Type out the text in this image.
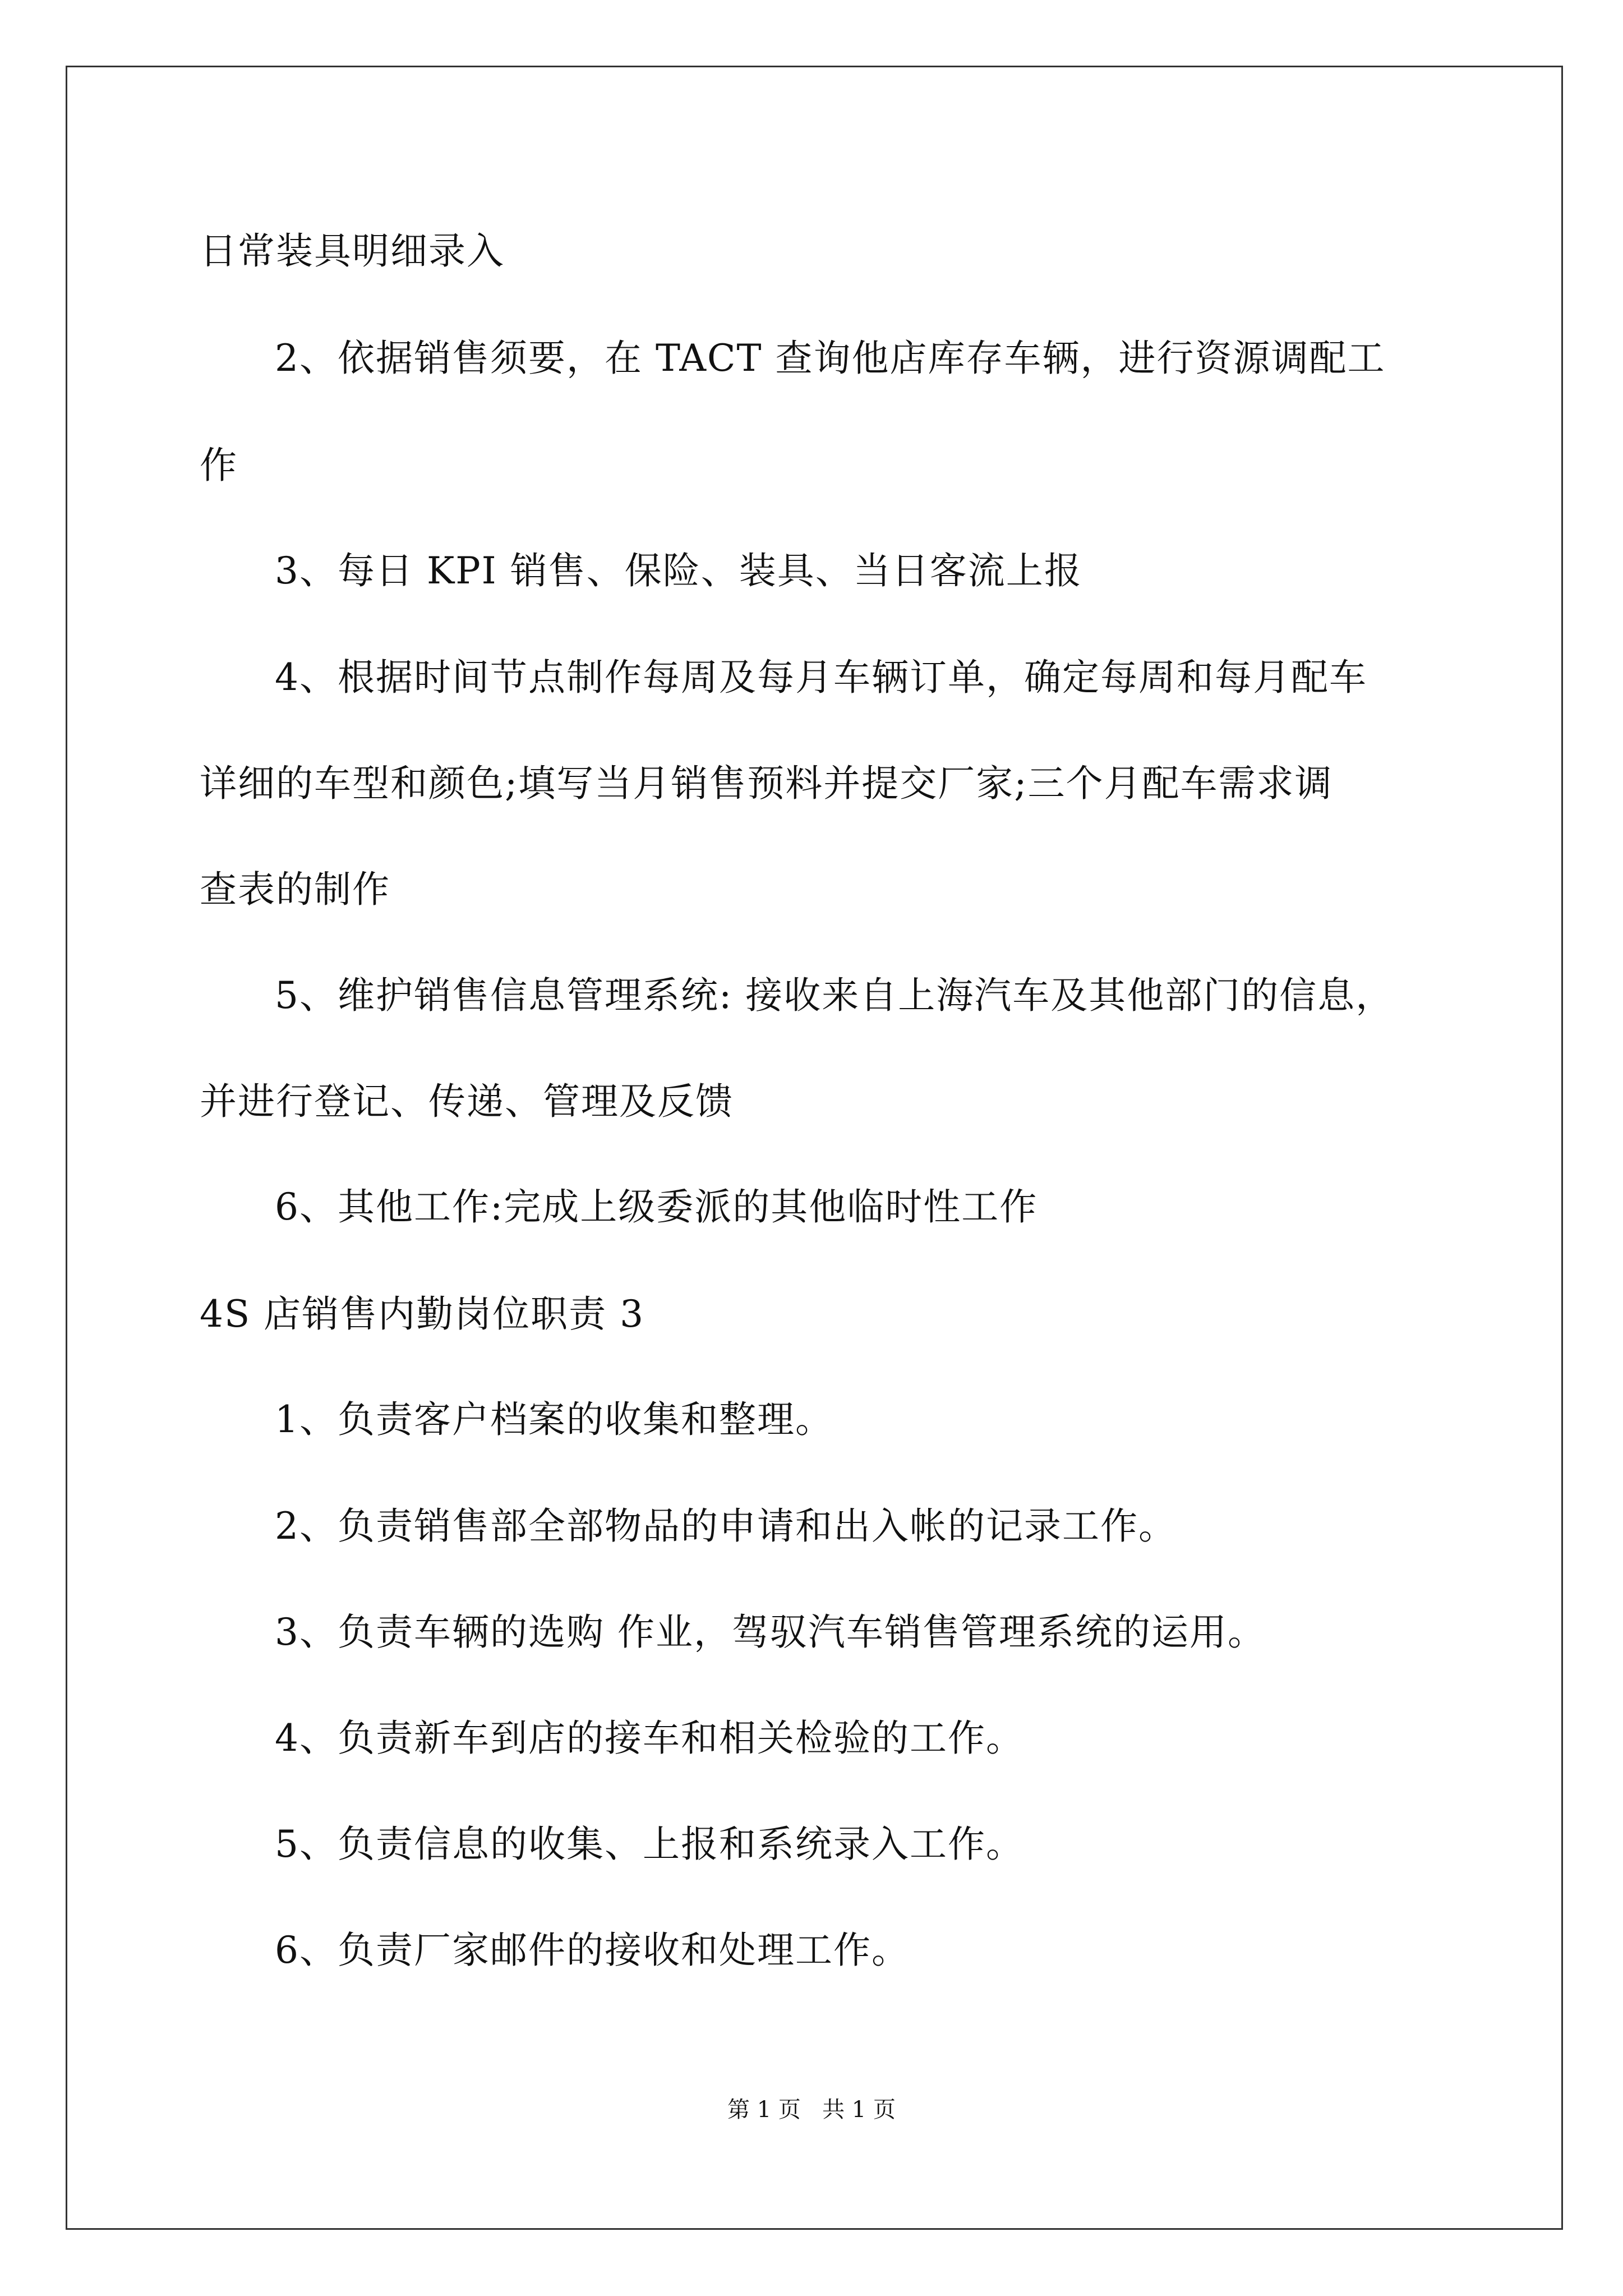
日常装具明细录入
2、依据销售须要，在 TACT 查询他店库存车辆，进行资源调配工
作
3、每日 KPI 销售、保险、装具、当日客流上报
4、根据时间节点制作每周及每月车辆订单，确定每周和每月配车
详细的车型和颜色;填写当月销售预料并提交厂家;三个月配车需求调
查表的制作
5、维护销售信息管理系统: 接收来自上海汽车及其他部门的信息，
并进行登记、传递、管理及反馈
6、其他工作:完成上级委派的其他临时性工作
4S 店销售内勤岗位职责 3
1、负责客户档案的收集和整理。
2、负责销售部全部物品的申请和出入帐的记录工作。
3、负责车辆的选购 作业，驾驭汽车销售管理系统的运用。
4、负责新车到店的接车和相关检验的工作。
5、负责信息的收集、上报和系统录入工作。
6、负责厂家邮件的接收和处理工作。
第 1 页   共 1 页
